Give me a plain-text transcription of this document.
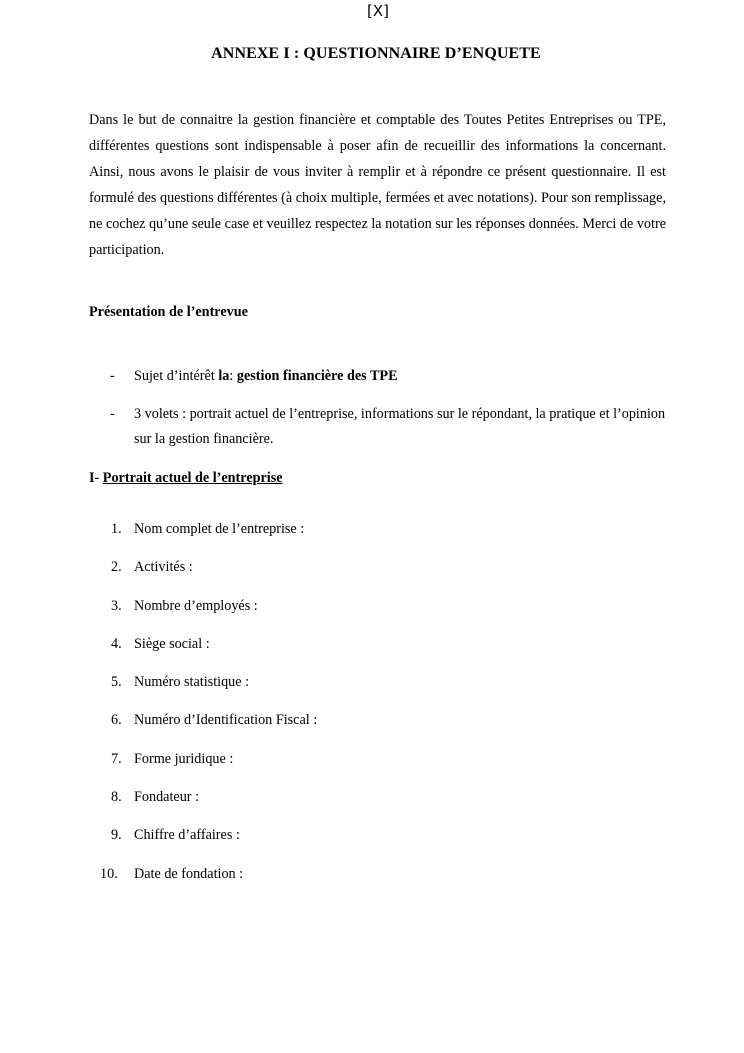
[X]
ANNEXE I : QUESTIONNAIRE D’ENQUETE

Dans le but de connaitre la gestion financière et comptable des Toutes Petites Entreprises ou TPE, différentes questions sont indispensable à poser afin de recueillir des informations la concernant. Ainsi, nous avons le plaisir de vous inviter à remplir et à répondre ce présent questionnaire. Il est formulé des questions différentes (à choix multiple, fermées et avec notations). Pour son remplissage, ne cochez qu’une seule case et veuillez respectez la notation sur les réponses données. Merci de votre participation.

Présentation de l’entrevue

- Sujet d’intérêt la: gestion financière des TPE
- 3 volets : portrait actuel de l’entreprise, informations sur le répondant, la pratique et l’opinion sur la gestion financière.

I- Portrait actuel de l’entreprise

1. Nom complet de l’entreprise :
2. Activités :
3. Nombre d’employés :
4. Siège social :
5. Numéro statistique :
6. Numéro d’Identification Fiscal :
7. Forme juridique :
8. Fondateur :
9. Chiffre d’affaires :
10. Date de fondation :
